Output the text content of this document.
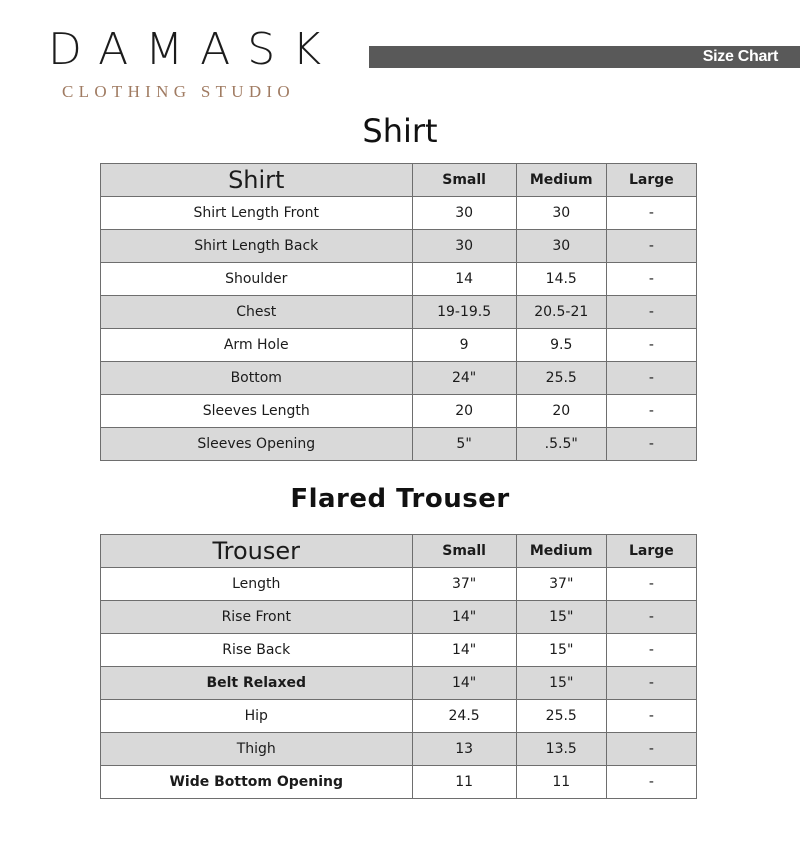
DAMASK
CLOTHING STUDIO
Size Chart
Shirt
Shirt	Small	Medium	Large
Shirt Length Front	30	30	-
Shirt Length Back	30	30	-
Shoulder	14	14.5	-
Chest	19-19.5	20.5-21	-
Arm Hole	9	9.5	-
Bottom	24"	25.5	-
Sleeves Length	20	20	-
Sleeves Opening	5"	.5.5"	-
Flared Trouser
Trouser	Small	Medium	Large
Length	37"	37"	-
Rise Front	14"	15"	-
Rise Back	14"	15"	-
Belt Relaxed	14"	15"	-
Hip	24.5	25.5	-
Thigh	13	13.5	-
Wide Bottom Opening	11	11	-
